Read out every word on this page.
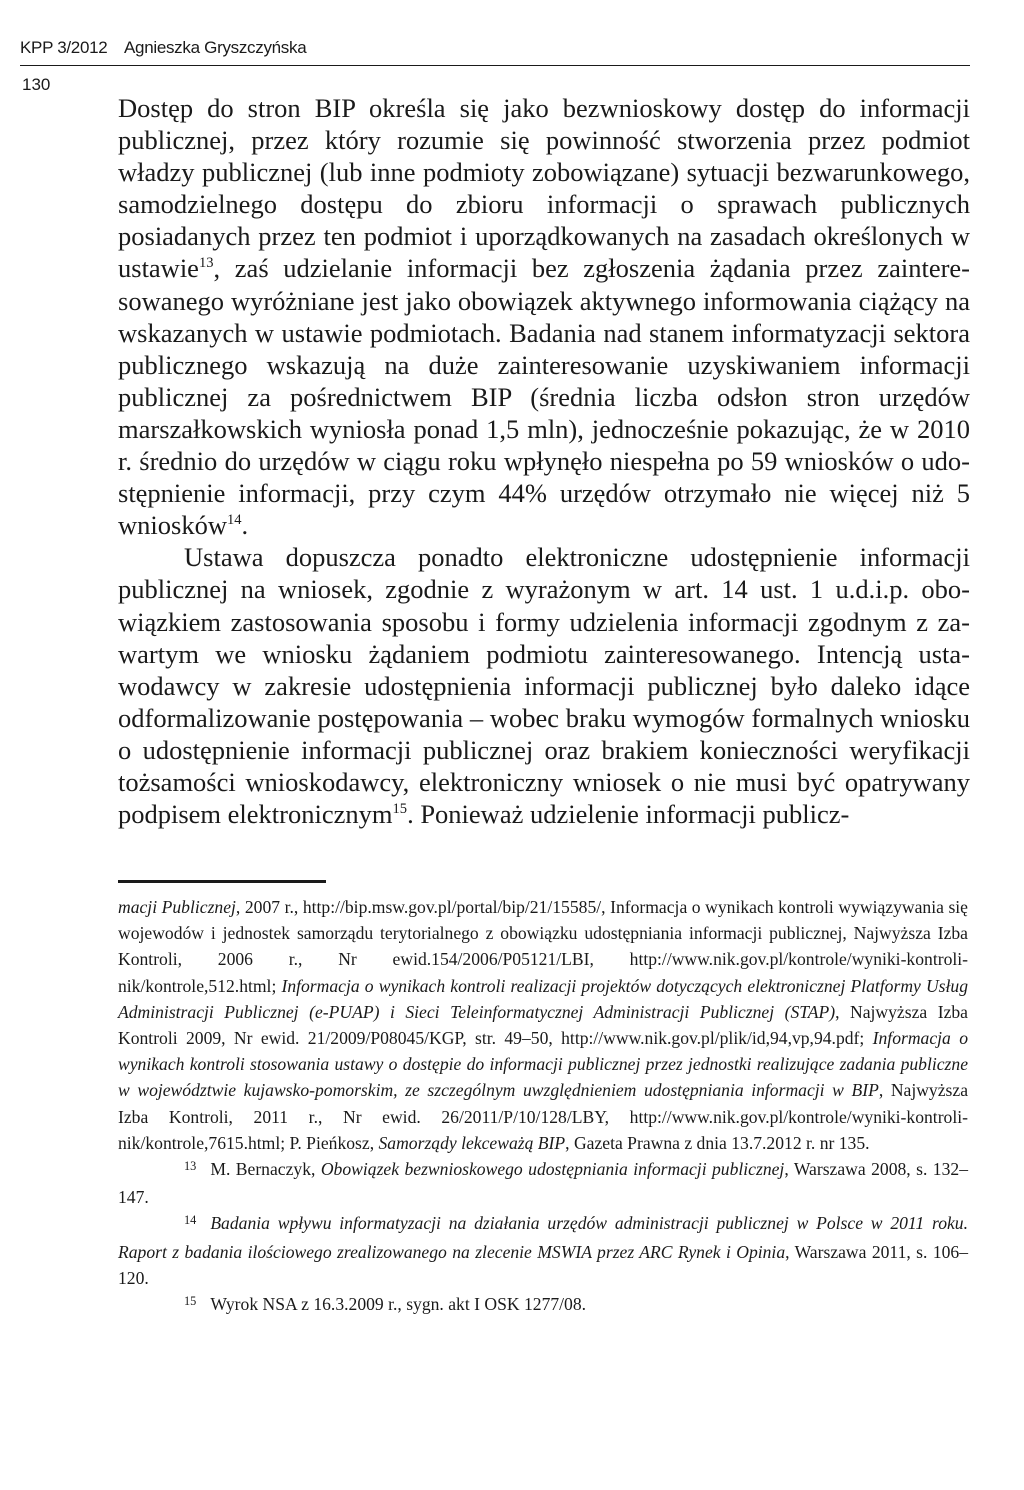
KPP 3/2012 Agnieszka Gryszczyńska
130

Dostęp do stron BIP określa się jako bezwnioskowy dostęp do informacji publicznej, przez który rozumie się powinność stworzenia przez podmiot władzy publicznej (lub inne podmioty zobowiązane) sytuacji bezwarunkowego, samodzielnego dostępu do zbioru informacji o sprawach publicznych posiadanych przez ten podmiot i uporządkowanych na zasadach określonych w ustawie$^{13}$, zaś udzielanie informacji bez zgłoszenia żądania przez zainteresowanego wyróżniane jest jako obowiązek aktywnego informowania ciążący na wskazanych w ustawie podmiotach. Badania nad stanem informatyzacji sektora publicznego wskazują na duże zainteresowanie uzyskiwaniem informacji publicznej za pośrednictwem BIP (średnia liczba odsłon stron urzędów marszałkowskich wyniosła ponad 1,5 mln), jednocześnie pokazując, że w 2010 r. średnio do urzędów w ciągu roku wpłynęło niespełna po 59 wniosków o udostępnienie informacji, przy czym 44% urzędów otrzymało nie więcej niż 5 wniosków$^{14}$.

Ustawa dopuszcza ponadto elektroniczne udostępnienie informacji publicznej na wniosek, zgodnie z wyrażonym w art. 14 ust. 1 u.d.i.p. obowiązkiem zastosowania sposobu i formy udzielenia informacji zgodnym z zawartym we wniosku żądaniem podmiotu zainteresowanego. Intencją ustawodawcy w zakresie udostępnienia informacji publicznej było daleko idące odformalizowanie postępowania – wobec braku wymogów formalnych wniosku o udostępnienie informacji publicznej oraz brakiem konieczności weryfikacji tożsamości wnioskodawcy, elektroniczny wniosek o nie musi być opatrywany podpisem elektronicznym$^{15}$. Ponieważ udzielenie informacji publicz-

macji Publicznej, 2007 r., http://bip.msw.gov.pl/portal/bip/21/15585/, Informacja o wynikach kontroli wywiązywania się wojewodów i jednostek samorządu terytorialnego z obowiązku udostępniania informacji publicznej, Najwyższa Izba Kontroli, 2006 r., Nr ewid.154/2006/P05121/LBI, http://www.nik.gov.pl/kontrole/wyniki-kontroli-nik/kontrole,512.html; Informacja o wynikach kontroli realizacji projektów dotyczących elektronicznej Platformy Usług Administracji Publicznej (e-PUAP) i Sieci Teleinformatycznej Administracji Publicznej (STAP), Najwyższa Izba Kontroli 2009, Nr ewid. 21/2009/P08045/KGP, str. 49–50, http://www.nik.gov.pl/plik/id,94,vp,94.pdf; Informacja o wynikach kontroli stosowania ustawy o dostępie do informacji publicznej przez jednostki realizujące zadania publiczne w województwie kujawsko-pomorskim, ze szczególnym uwzględnieniem udostępniania informacji w BIP, Najwyższa Izba Kontroli, 2011 r., Nr ewid. 26/2011/P/10/128/LBY, http://www.nik.gov.pl/kontrole/wyniki-kontroli-nik/kontrole,7615.html; P. Pieńkosz, Samorządy lekceważą BIP, Gazeta Prawna z dnia 13.7.2012 r. nr 135.

$^{13}$ M. Bernaczyk, Obowiązek bezwnioskowego udostępniania informacji publicznej, Warszawa 2008, s. 132–147.

$^{14}$ Badania wpływu informatyzacji na działania urzędów administracji publicznej w Polsce w 2011 roku. Raport z badania ilościowego zrealizowanego na zlecenie MSWIA przez ARC Rynek i Opinia, Warszawa 2011, s. 106–120.

$^{15}$ Wyrok NSA z 16.3.2009 r., sygn. akt I OSK 1277/08.
